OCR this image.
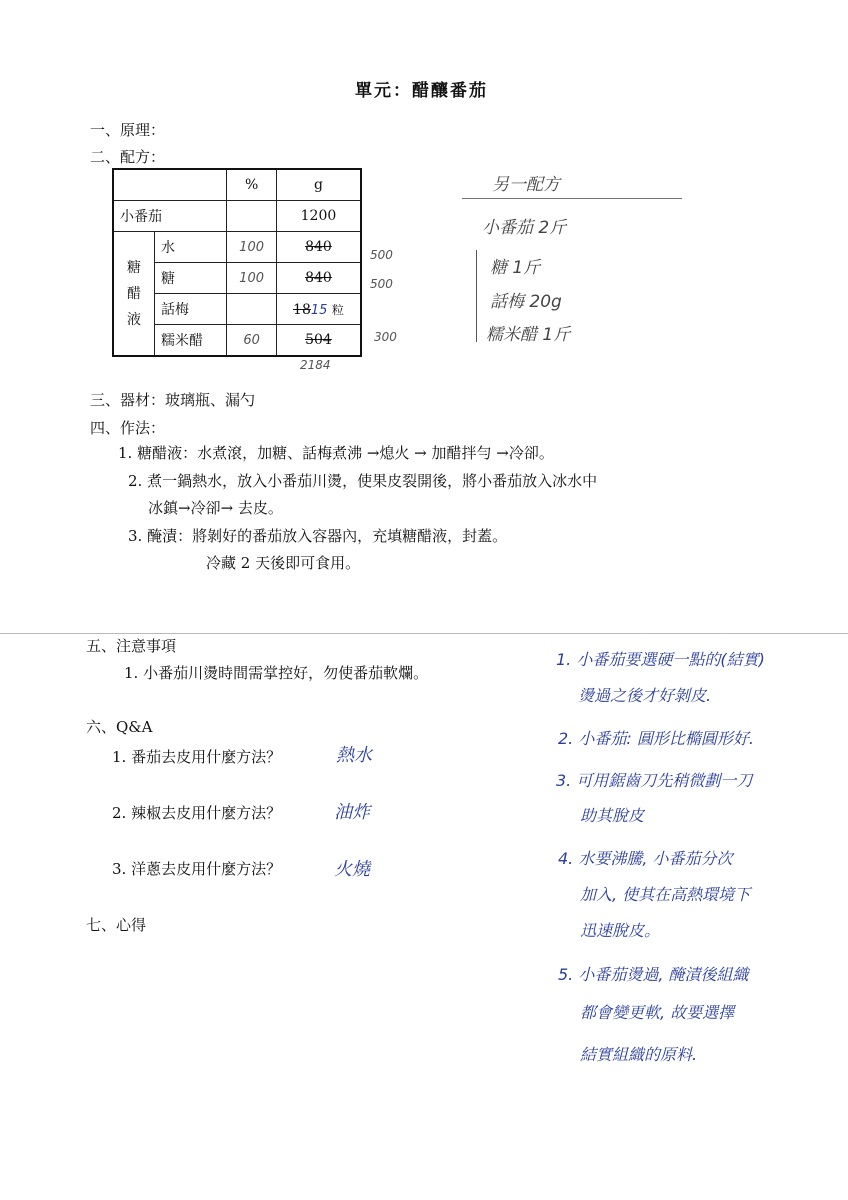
單元：醋釀番茄
一、原理：
二、配方：
		%	g
小番茄			1200

糖
醋
液	水	100	840
	糖	100	840
	話梅		1815 粒
	糯米醋	60	504
500
500
300
2184
另一配方
小番茄 2斤
糖 1斤
話梅 20g
糯米醋 1斤
三、器材：玻璃瓶、漏勺
四、作法：
1. 糖醋液：水煮滾，加糖、話梅煮沸 →熄火 → 加醋拌勻 →冷卻。
2. 煮一鍋熱水，放入小番茄川燙，使果皮裂開後，將小番茄放入冰水中
冰鎮→冷卻→ 去皮。
3. 醃漬：將剝好的番茄放入容器內，充填糖醋液，封蓋。
冷藏 2 天後即可食用。
五、注意事項
1. 小番茄川燙時間需掌控好，勿使番茄軟爛。
六、Q&A
1. 番茄去皮用什麼方法？	熱水
2. 辣椒去皮用什麼方法？	油炸
3. 洋蔥去皮用什麼方法？	火燒
七、心得
1. 小番茄要選硬一點的(結實)
燙過之後才好剝皮.
2. 小番茄: 圓形比橢圓形好.
3. 可用鋸齒刀先稍微劃一刀
助其脫皮
4. 水要沸騰, 小番茄分次
加入, 使其在高熱環境下
迅速脫皮。
5. 小番茄燙過, 醃漬後組織
都會變更軟, 故要選擇
結實組織的原料.
